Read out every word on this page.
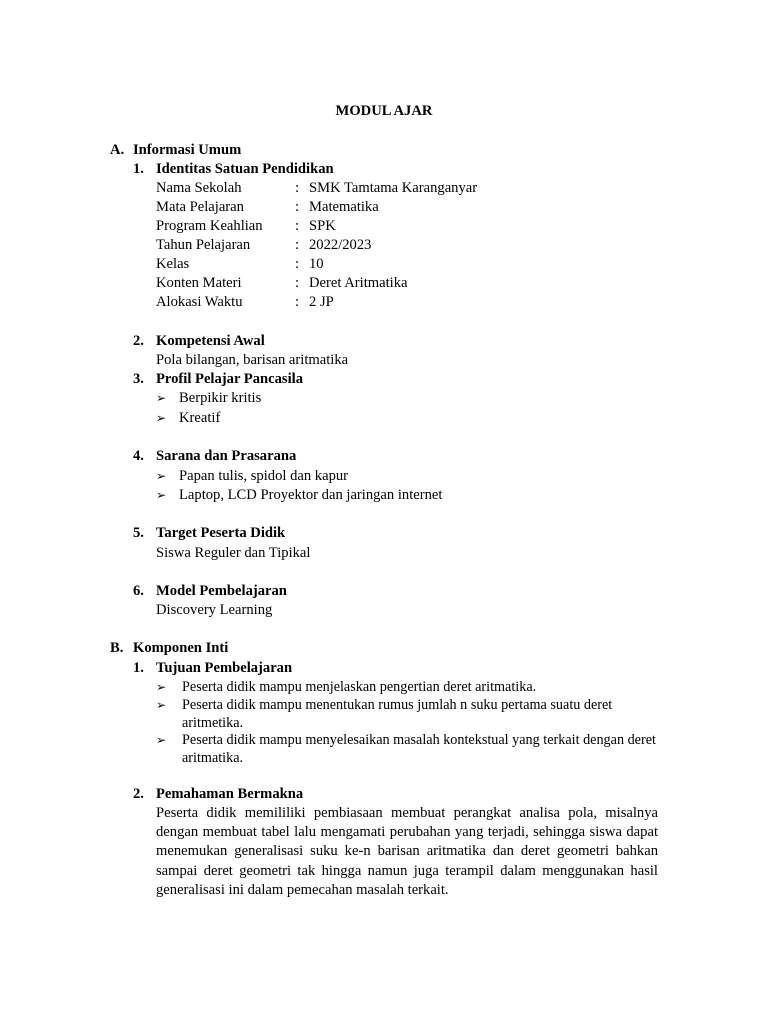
MODUL AJAR
A. Informasi Umum
1. Identitas Satuan Pendidikan
Nama Sekolah	: SMK Tamtama Karanganyar
Mata Pelajaran	: Matematika
Program Keahlian : SPK
Tahun Pelajaran	: 2022/2023
Kelas	: 10
Konten Materi	: Deret Aritmatika
Alokasi Waktu	: 2 JP
2. Kompetensi Awal
Pola bilangan, barisan aritmatika
3. Profil Pelajar Pancasila
➢ Berpikir kritis
➢ Kreatif
4. Sarana dan Prasarana
➢ Papan tulis, spidol dan kapur
➢ Laptop, LCD Proyektor dan jaringan internet
5. Target Peserta Didik
Siswa Reguler dan Tipikal
6. Model Pembelajaran
Discovery Learning
B. Komponen Inti
1. Tujuan Pembelajaran
➢ Peserta didik mampu menjelaskan pengertian deret aritmatika.
➢ Peserta didik mampu menentukan rumus jumlah n suku pertama suatu deret aritmetika.
➢ Peserta didik mampu menyelesaikan masalah kontekstual yang terkait dengan deret aritmatika.
2. Pemahaman Bermakna
Peserta didik memililiki pembiasaan membuat perangkat analisa pola, misalnya dengan membuat tabel lalu mengamati perubahan yang terjadi, sehingga siswa dapat menemukan generalisasi suku ke-n barisan aritmatika dan deret geometri bahkan sampai deret geometri tak hingga namun juga terampil dalam menggunakan hasil generalisasi ini dalam pemecahan masalah terkait.
